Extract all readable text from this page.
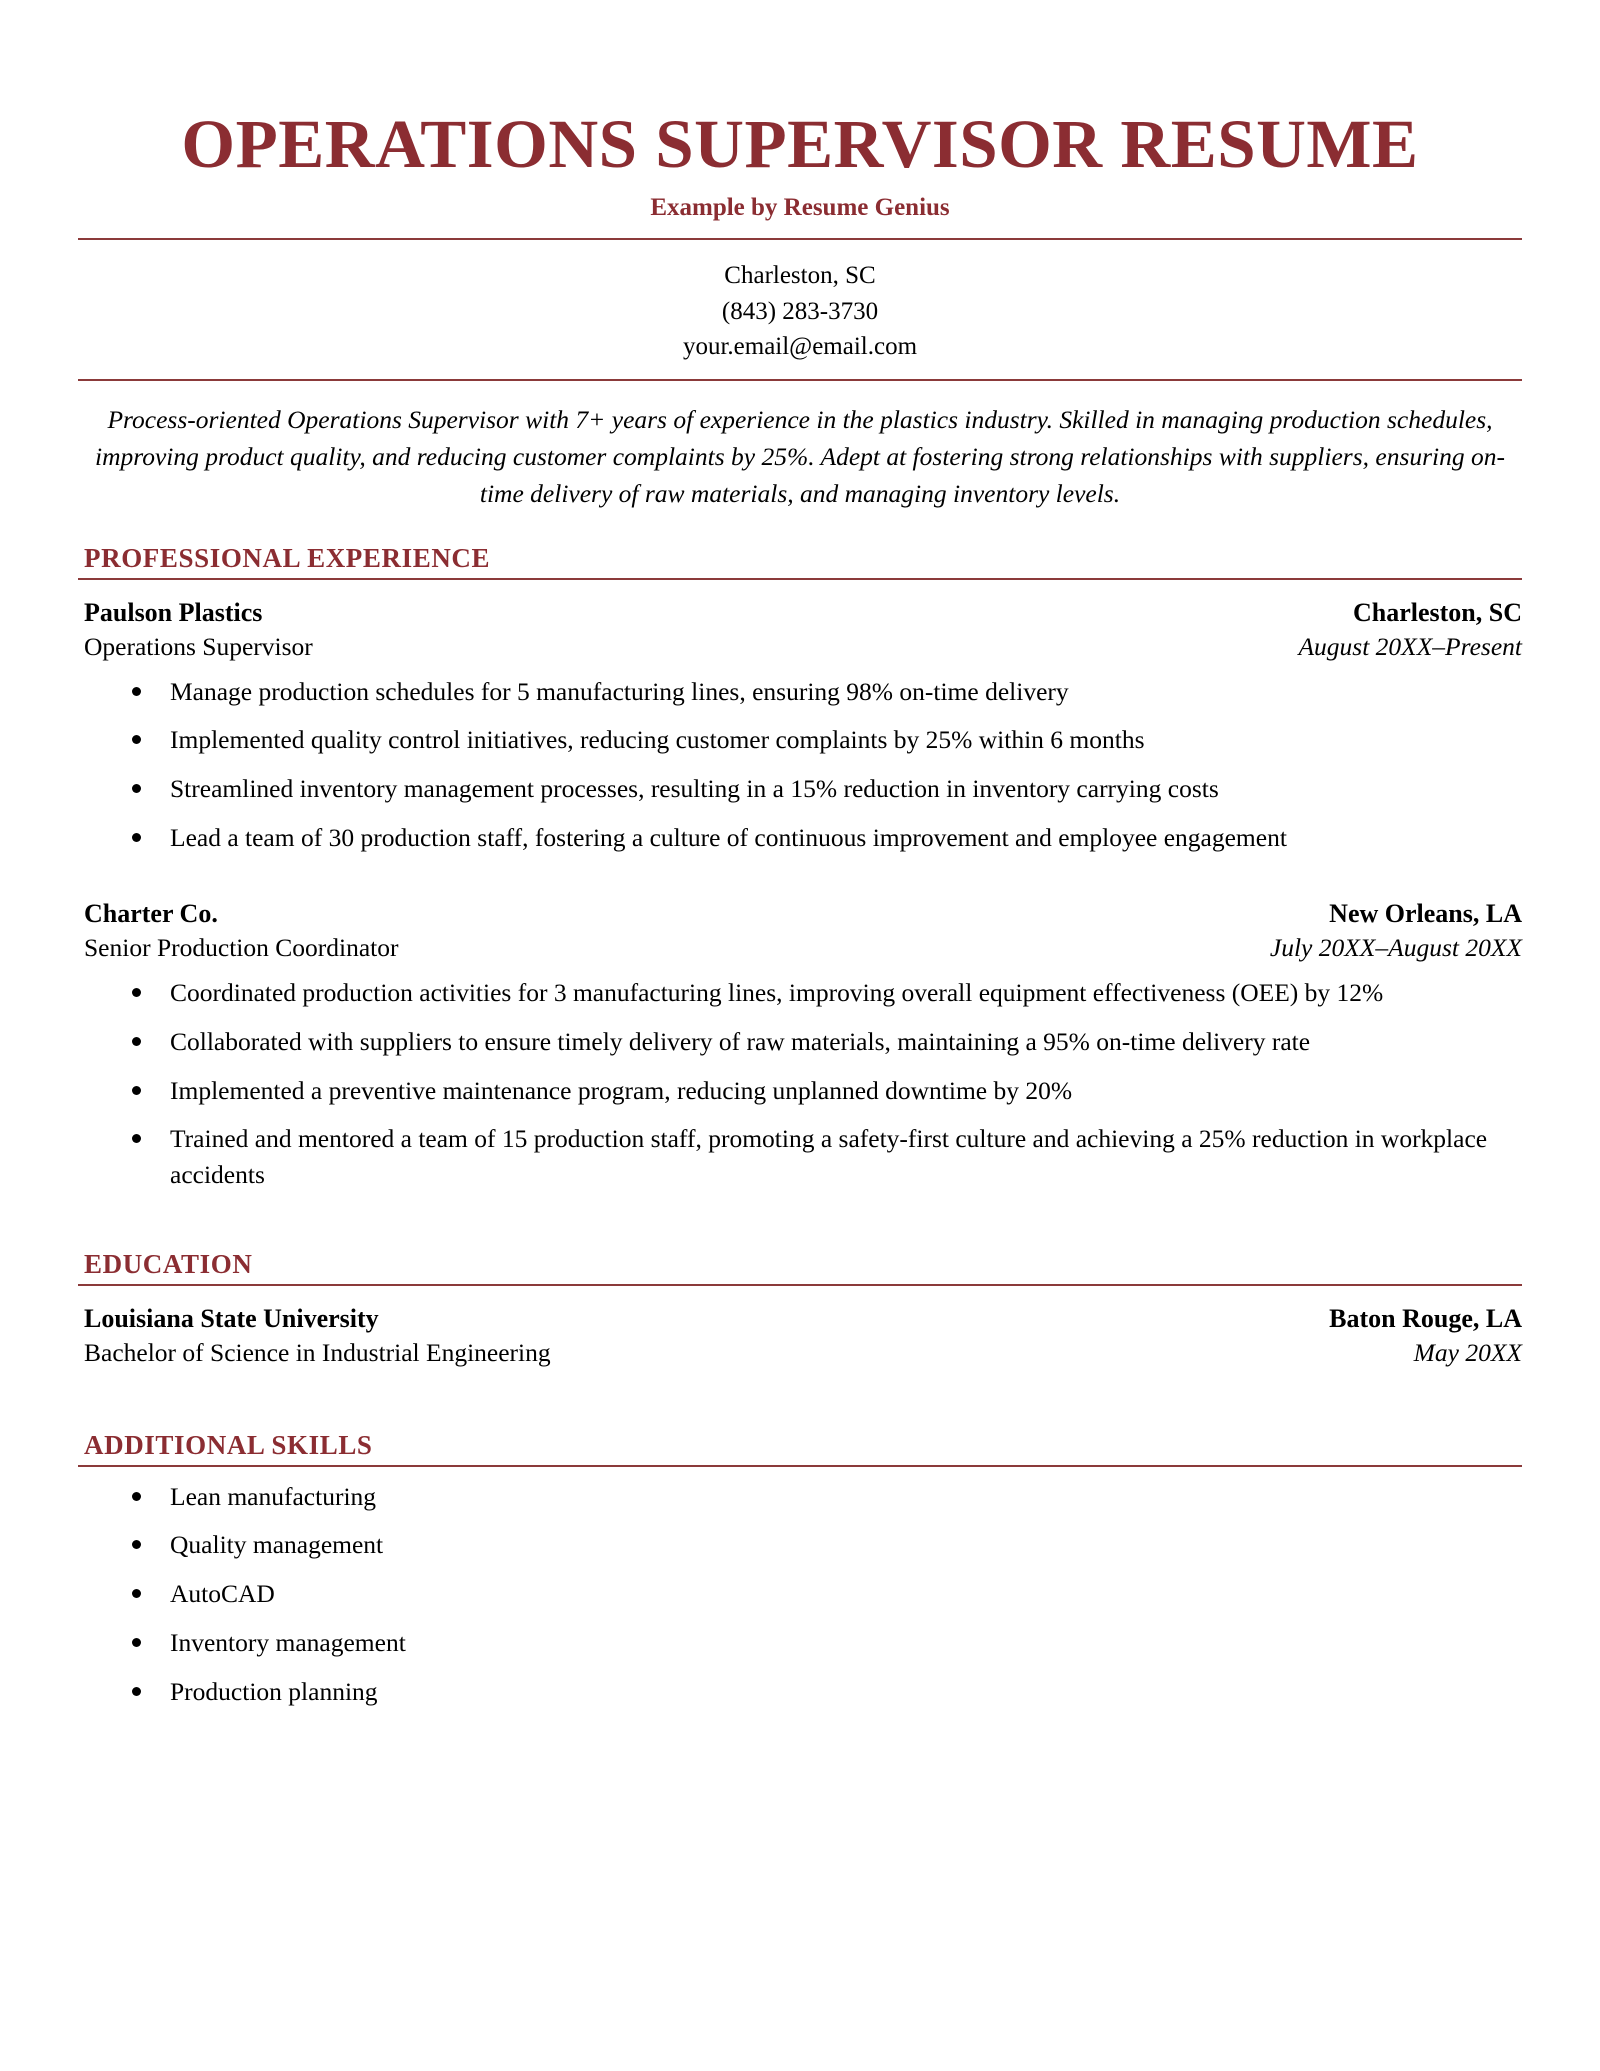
OPERATIONS SUPERVISOR RESUME
Example by Resume Genius
Charleston, SC
(843) 283-3730
your.email@email.com

Process-oriented Operations Supervisor with 7+ years of experience in the plastics industry. Skilled in managing production schedules, improving product quality, and reducing customer complaints by 25%. Adept at fostering strong relationships with suppliers, ensuring on-time delivery of raw materials, and managing inventory levels.

PROFESSIONAL EXPERIENCE
Paulson Plastics	Charleston, SC
Operations Supervisor	August 20XX–Present
Manage production schedules for 5 manufacturing lines, ensuring 98% on-time delivery
Implemented quality control initiatives, reducing customer complaints by 25% within 6 months
Streamlined inventory management processes, resulting in a 15% reduction in inventory carrying costs
Lead a team of 30 production staff, fostering a culture of continuous improvement and employee engagement
Charter Co.	New Orleans, LA
Senior Production Coordinator	July 20XX–August 20XX
Coordinated production activities for 3 manufacturing lines, improving overall equipment effectiveness (OEE) by 12%
Collaborated with suppliers to ensure timely delivery of raw materials, maintaining a 95% on-time delivery rate
Implemented a preventive maintenance program, reducing unplanned downtime by 20%
Trained and mentored a team of 15 production staff, promoting a safety-first culture and achieving a 25% reduction in workplace accidents
EDUCATION
Louisiana State University	Baton Rouge, LA
Bachelor of Science in Industrial Engineering	May 20XX
ADDITIONAL SKILLS
Lean manufacturing
Quality management
AutoCAD
Inventory management
Production planning
